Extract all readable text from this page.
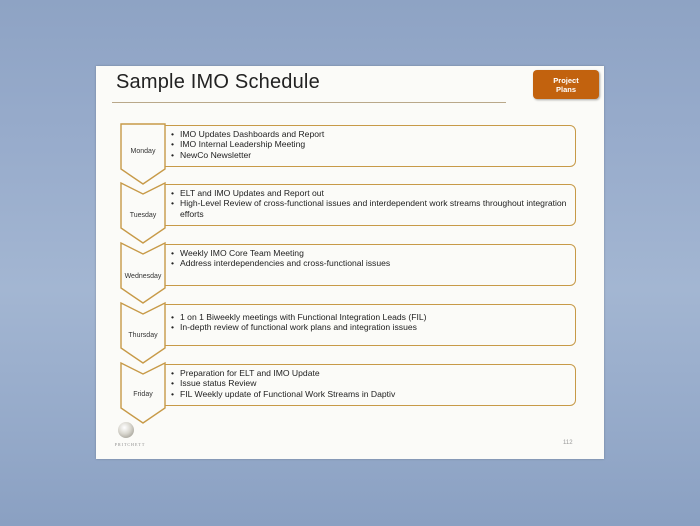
Sample IMO Schedule	Project Plans
• IMO Updates Dashboards and Report
• IMO Internal Leadership Meeting
• NewCo Newsletter
Monday
• ELT and IMO Updates and Report out
• High-Level Review of cross-functional issues and interdependent work streams throughout integration efforts
Tuesday
• Weekly IMO Core Team Meeting
• Address interdependencies and cross-functional issues
Wednesday
• 1 on 1 Biweekly meetings with Functional Integration Leads (FIL)
• In-depth review of functional work plans and integration issues
Thursday
• Preparation for ELT and IMO Update
• Issue status Review
• FIL Weekly update of Functional Work Streams in Daptiv
Friday
PRITCHETT	112
